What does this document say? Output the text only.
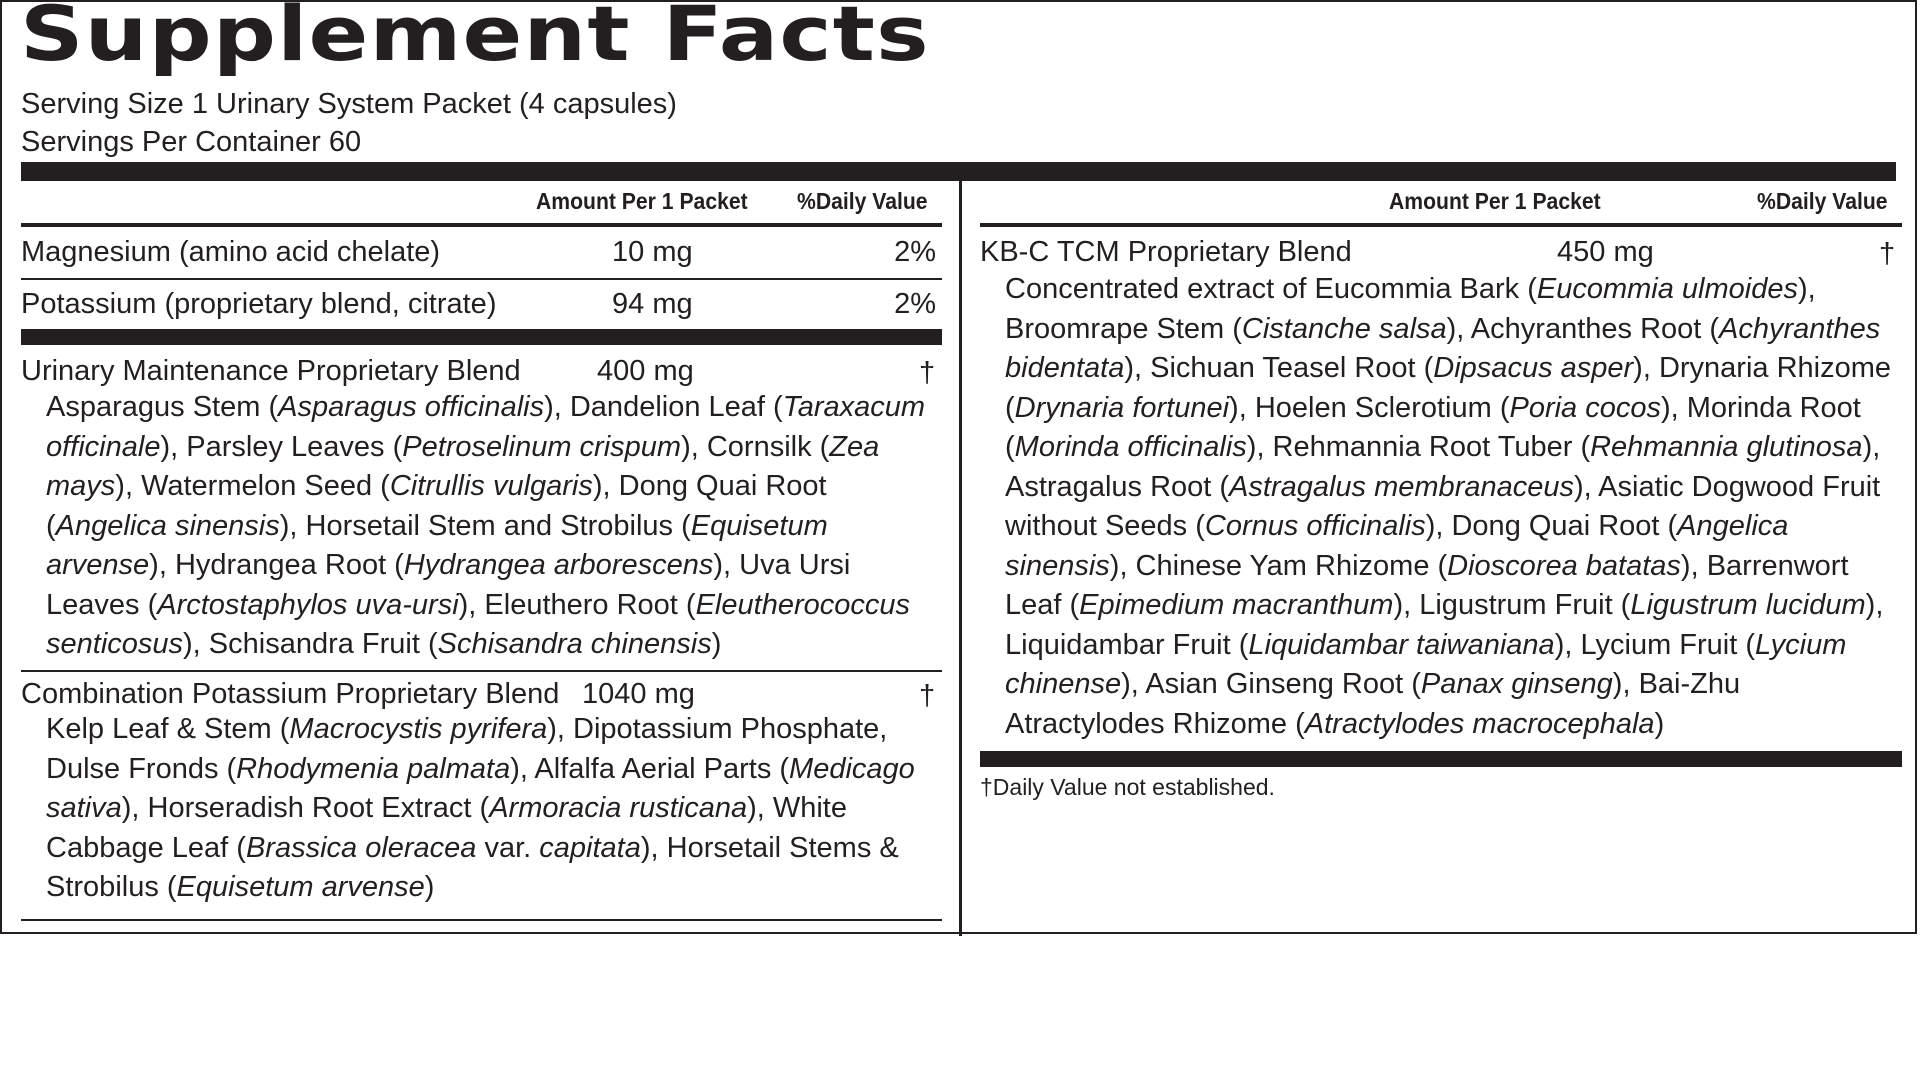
Supplement Facts
Serving Size 1 Urinary System Packet (4 capsules)
Servings Per Container 60
Amount Per 1 Packet %Daily Value
Magnesium (amino acid chelate)	10 mg	2%
Potassium (proprietary blend, citrate)	94 mg	2%
Urinary Maintenance Proprietary Blend	400 mg	†

Asparagus Stem (Asparagus officinalis), Dandelion Leaf (Taraxacum officinale), Parsley Leaves (Petroselinum crispum), Cornsilk (Zea mays), Watermelon Seed (Citrullis vulgaris), Dong Quai Root (Angelica sinensis), Horsetail Stem and Strobilus (Equisetum arvense), Hydrangea Root (Hydrangea arborescens), Uva Ursi Leaves (Arctostaphylos uva-ursi), Eleuthero Root (Eleutherococcus senticosus), Schisandra Fruit (Schisandra chinensis)

Combination Potassium Proprietary Blend 1040 mg	†

Kelp Leaf & Stem (Macrocystis pyrifera), Dipotassium Phosphate, Dulse Fronds (Rhodymenia palmata), Alfalfa Aerial Parts (Medicago sativa), Horseradish Root Extract (Armoracia rusticana), White Cabbage Leaf (Brassica oleracea var. capitata), Horsetail Stems & Strobilus (Equisetum arvense)

Amount Per 1 Packet	%Daily Value
KB-C TCM Proprietary Blend	450 mg	†

Concentrated extract of Eucommia Bark (Eucommia ulmoides), Broomrape Stem (Cistanche salsa), Achyranthes Root (Achyranthes bidentata), Sichuan Teasel Root (Dipsacus asper), Drynaria Rhizome (Drynaria fortunei), Hoelen Sclerotium (Poria cocos), Morinda Root (Morinda officinalis), Rehmannia Root Tuber (Rehmannia glutinosa), Astragalus Root (Astragalus membranaceus), Asiatic Dogwood Fruit without Seeds (Cornus officinalis), Dong Quai Root (Angelica sinensis), Chinese Yam Rhizome (Dioscorea batatas), Barrenwort Leaf (Epimedium macranthum), Ligustrum Fruit (Ligustrum lucidum), Liquidambar Fruit (Liquidambar taiwaniana), Lycium Fruit (Lycium chinense), Asian Ginseng Root (Panax ginseng), Bai-Zhu Atractylodes Rhizome (Atractylodes macrocephala)

†Daily Value not established.
